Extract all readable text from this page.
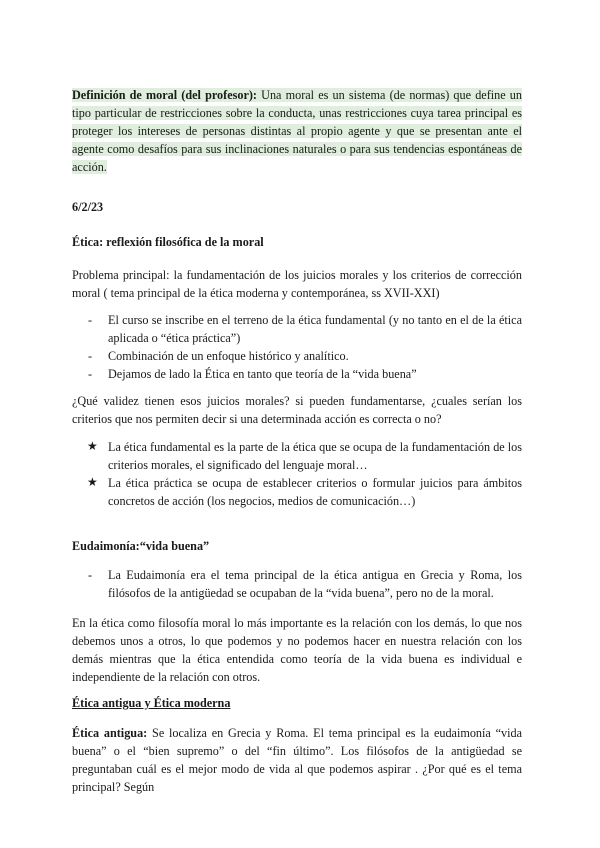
Definición de moral (del profesor): Una moral es un sistema (de normas) que define un tipo particular de restricciones sobre la conducta, unas restricciones cuya tarea principal es proteger los intereses de personas distintas al propio agente y que se presentan ante el agente como desafíos para sus inclinaciones naturales o para sus tendencias espontáneas de acción.
6/2/23
Ética: reflexión filosófica de la moral
Problema principal: la fundamentación de los juicios morales y los criterios de corrección moral ( tema principal de la ética moderna y contemporánea, ss XVII-XXI)
- El curso se inscribe en el terreno de la ética fundamental (y no tanto en el de la ética aplicada o “ética práctica”)
- Combinación de un enfoque histórico y analítico.
- Dejamos de lado la Ética en tanto que teoría de la “vida buena”
¿Qué validez tienen esos juicios morales? si pueden fundamentarse, ¿cuales serían los criterios que nos permiten decir si una determinada acción es correcta o no?
★ La ética fundamental es la parte de la ética que se ocupa de la fundamentación de los criterios morales, el significado del lenguaje moral…
★ La ética práctica se ocupa de establecer criterios o formular juicios para ámbitos concretos de acción (los negocios, medios de comunicación…)
Eudaimonía:“vida buena”
- La Eudaimonía era el tema principal de la ética antigua en Grecia y Roma, los filósofos de la antigüedad se ocupaban de la “vida buena”, pero no de la moral.
En la ética como filosofía moral lo más importante es la relación con los demás, lo que nos debemos unos a otros, lo que podemos y no podemos hacer en nuestra relación con los demás mientras que la ética entendida como teoría de la vida buena es individual e independiente de la relación con otros.
Ética antigua y Ética moderna
Ética antigua: Se localiza en Grecia y Roma. El tema principal es la eudaimonía “vida buena” o el “bien supremo” o del “fin último”. Los filósofos de la antigüedad se preguntaban cuál es el mejor modo de vida al que podemos aspirar . ¿Por qué es el tema principal? Según
